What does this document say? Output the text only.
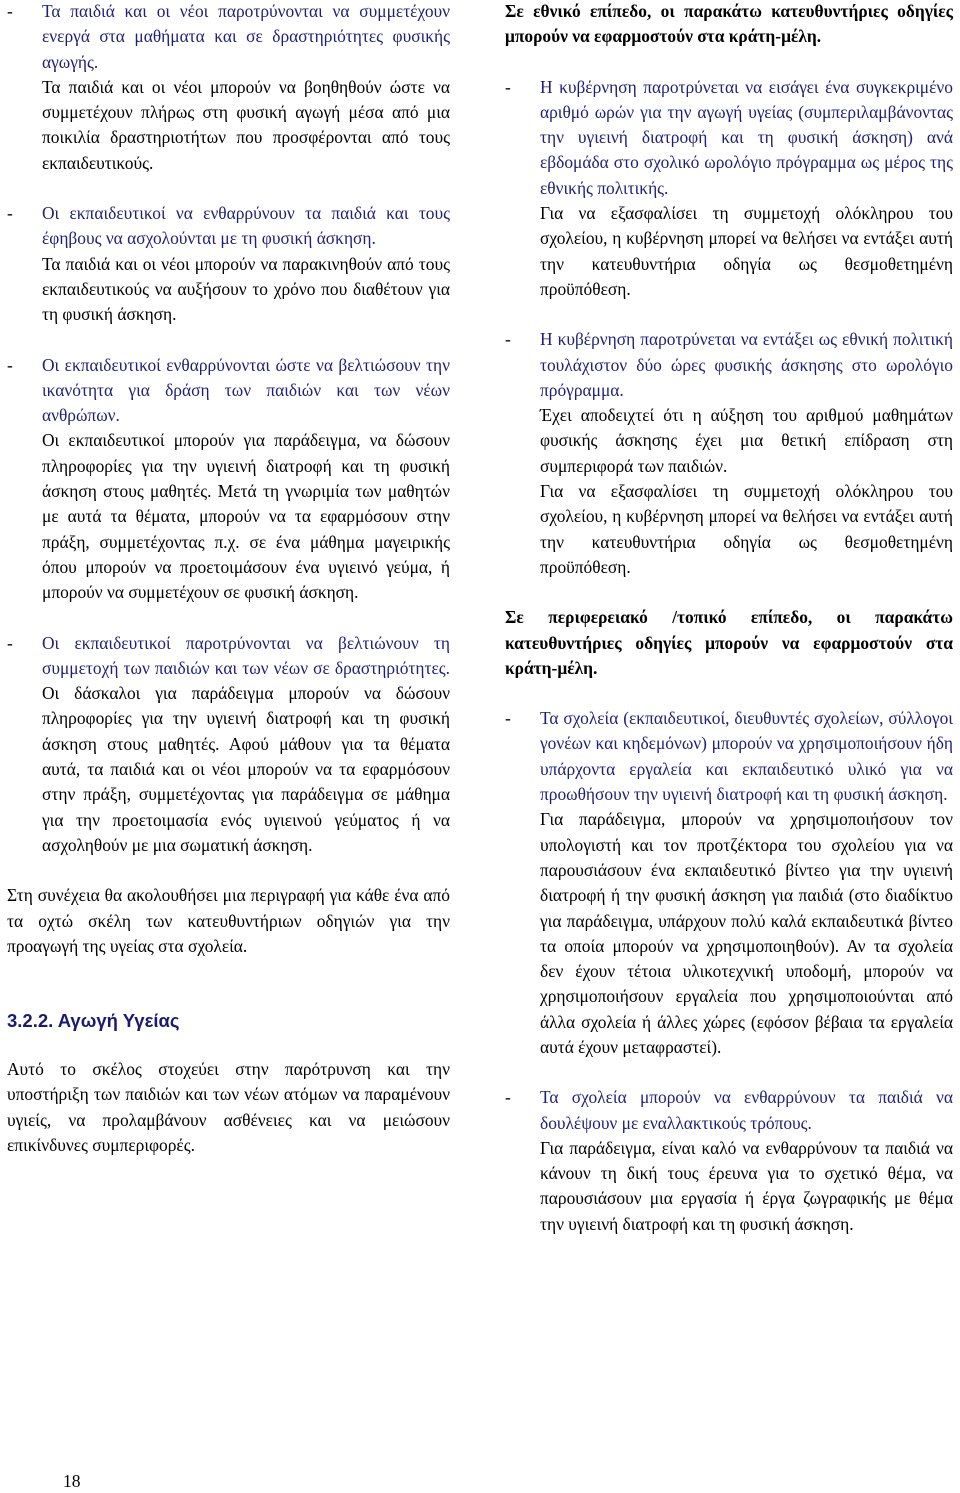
- Τα παιδιά και οι νέοι παροτρύνονται να συμμετέχουν ενεργά στα μαθήματα και σε δραστηριότητες φυσικής αγωγής.
Τα παιδιά και οι νέοι μπορούν να βοηθηθούν ώστε να συμμετέχουν πλήρως στη φυσική αγωγή μέσα από μια ποικιλία δραστηριοτήτων που προσφέρονται από τους εκπαιδευτικούς.
- Οι εκπαιδευτικοί να ενθαρρύνουν τα παιδιά και τους έφηβους να ασχολούνται με τη φυσική άσκηση.
Τα παιδιά και οι νέοι μπορούν να παρακινηθούν από τους εκπαιδευτικούς να αυξήσουν το χρόνο που διαθέτουν για τη φυσική άσκηση.
- Οι εκπαιδευτικοί ενθαρρύνονται ώστε να βελτιώσουν την ικανότητα για δράση των παιδιών και των νέων ανθρώπων.
Οι εκπαιδευτικοί μπορούν για παράδειγμα, να δώσουν πληροφορίες για την υγιεινή διατροφή και τη φυσική άσκηση στους μαθητές. Μετά τη γνωριμία των μαθητών με αυτά τα θέματα, μπορούν να τα εφαρμόσουν στην πράξη, συμμετέχοντας π.χ. σε ένα μάθημα μαγειρικής όπου μπορούν να προετοιμάσουν ένα υγιεινό γεύμα, ή μπορούν να συμμετέχουν σε φυσική άσκηση.
- Οι εκπαιδευτικοί παροτρύνονται να βελτιώνουν τη συμμετοχή των παιδιών και των νέων σε δραστηριότητες. Οι δάσκαλοι για παράδειγμα μπορούν να δώσουν πληροφορίες για την υγιεινή διατροφή και τη φυσική άσκηση στους μαθητές. Αφού μάθουν για τα θέματα αυτά, τα παιδιά και οι νέοι μπορούν να τα εφαρμόσουν στην πράξη, συμμετέχοντας για παράδειγμα σε μάθημα για την προετοιμασία ενός υγιεινού γεύματος ή να ασχοληθούν με μια σωματική άσκηση.
Στη συνέχεια θα ακολουθήσει μια περιγραφή για κάθε ένα από τα οχτώ σκέλη των κατευθυντήριων οδηγιών για την προαγωγή της υγείας στα σχολεία.
3.2.2. Αγωγή Υγείας
Αυτό το σκέλος στοχεύει στην παρότρυνση και την υποστήριξη των παιδιών και των νέων ατόμων να παραμένουν υγιείς, να προλαμβάνουν ασθένειες και να μειώσουν επικίνδυνες συμπεριφορές.
Σε εθνικό επίπεδο, οι παρακάτω κατευθυντήριες οδηγίες μπορούν να εφαρμοστούν στα κράτη-μέλη.
- Η κυβέρνηση παροτρύνεται να εισάγει ένα συγκεκριμένο αριθμό ωρών για την αγωγή υγείας (συμπεριλαμβάνοντας την υγιεινή διατροφή και τη φυσική άσκηση) ανά εβδομάδα στο σχολικό ωρολόγιο πρόγραμμα ως μέρος της εθνικής πολιτικής.
Για να εξασφαλίσει τη συμμετοχή ολόκληρου του σχολείου, η κυβέρνηση μπορεί να θελήσει να εντάξει αυτή την κατευθυντήρια οδηγία ως θεσμοθετημένη προϋπόθεση.
- Η κυβέρνηση παροτρύνεται να εντάξει ως εθνική πολιτική τουλάχιστον δύο ώρες φυσικής άσκησης στο ωρολόγιο πρόγραμμα.
Έχει αποδειχτεί ότι η αύξηση του αριθμού μαθημάτων φυσικής άσκησης έχει μια θετική επίδραση στη συμπεριφορά των παιδιών.
Για να εξασφαλίσει τη συμμετοχή ολόκληρου του σχολείου, η κυβέρνηση μπορεί να θελήσει να εντάξει αυτή την κατευθυντήρια οδηγία ως θεσμοθετημένη προϋπόθεση.
Σε περιφερειακό /τοπικό επίπεδο, οι παρακάτω κατευθυντήριες οδηγίες μπορούν να εφαρμοστούν στα κράτη-μέλη.
- Τα σχολεία (εκπαιδευτικοί, διευθυντές σχολείων, σύλλογοι γονέων και κηδεμόνων) μπορούν να χρησιμοποιήσουν ήδη υπάρχοντα εργαλεία και εκπαιδευτικό υλικό για να προωθήσουν την υγιεινή διατροφή και τη φυσική άσκηση.
Για παράδειγμα, μπορούν να χρησιμοποιήσουν τον υπολογιστή και τον προτζέκτορα του σχολείου για να παρουσιάσουν ένα εκπαιδευτικό βίντεο για την υγιεινή διατροφή ή την φυσική άσκηση για παιδιά (στο διαδίκτυο για παράδειγμα, υπάρχουν πολύ καλά εκπαιδευτικά βίντεο τα οποία μπορούν να χρησιμοποιηθούν). Αν τα σχολεία δεν έχουν τέτοια υλικοτεχνική υποδομή, μπορούν να χρησιμοποιήσουν εργαλεία που χρησιμοποιούνται από άλλα σχολεία ή άλλες χώρες (εφόσον βέβαια τα εργαλεία αυτά έχουν μεταφραστεί).
- Τα σχολεία μπορούν να ενθαρρύνουν τα παιδιά να δουλέψουν με εναλλακτικούς τρόπους.
Για παράδειγμα, είναι καλό να ενθαρρύνουν τα παιδιά να κάνουν τη δική τους έρευνα για το σχετικό θέμα, να παρουσιάσουν μια εργασία ή έργα ζωγραφικής με θέμα την υγιεινή διατροφή και τη φυσική άσκηση.
18
